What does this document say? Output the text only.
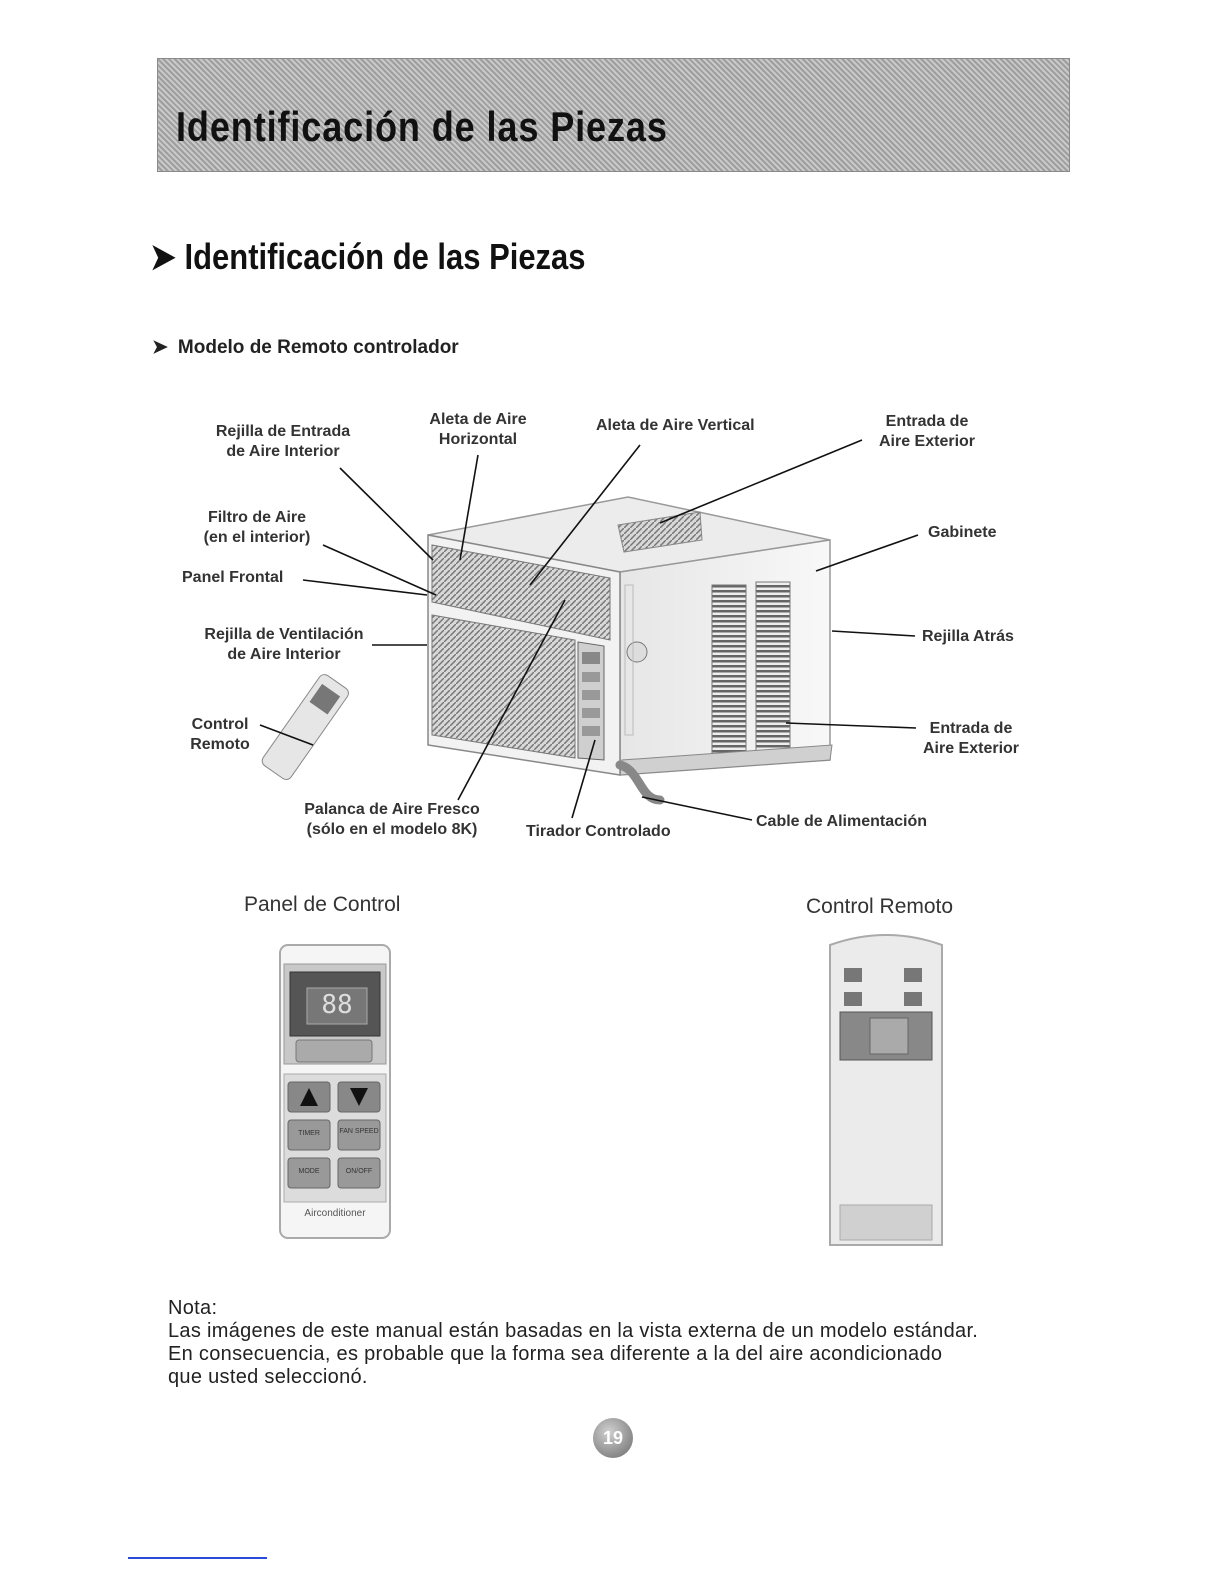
Identificación de las Piezas
➤ Identificación de las Piezas
➤ Modelo de Remoto controlador
Rejilla de Entrada
de Aire Interior
Aleta de Aire
Horizontal
Aleta de Aire Vertical	Entrada de
Aire Exterior
Filtro de Aire
(en el interior)	Gabinete
Panel Frontal
Rejilla de Ventilación
de Aire Interior
Rejilla Atrás
Control
Remoto
Entrada de
Aire Exterior
Palanca de Aire Fresco
(sólo en el modelo 8K)	Tirador Controlado
Cable de Alimentación
Panel de Control	Control Remoto
88
TIMER	FAN SPEED
MODE	ON/OFF
Airconditioner
Nota:
Las imágenes de este manual están basadas en la vista externa de un modelo estándar.
En consecuencia, es probable que la forma sea diferente a la del aire acondicionado
que usted seleccionó.
19
